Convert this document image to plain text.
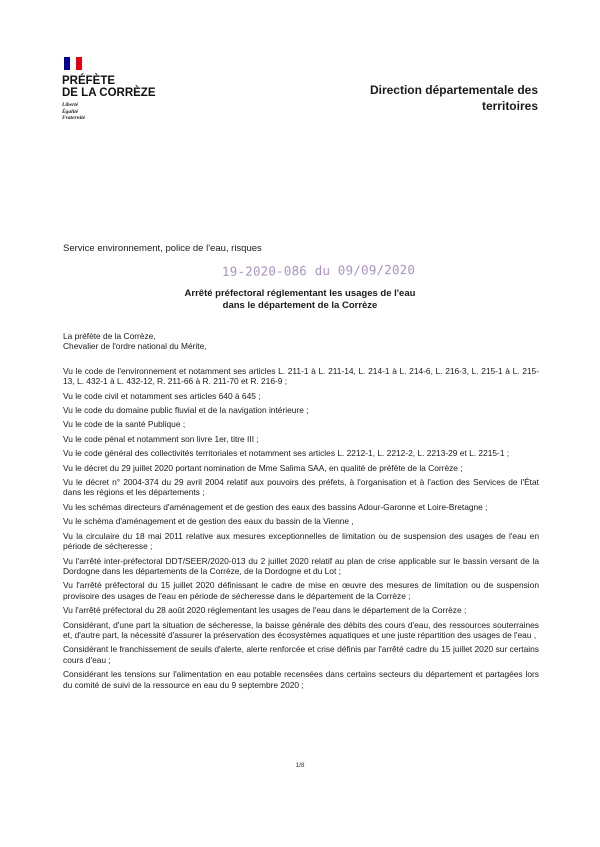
PRÉFÈTE
DE LA CORRÈZE
Liberté
Égalité
Fraternité
Direction départementale des
territoires
Service environnement, police de l'eau, risques
19-2020-086 du 09/09/2020
Arrêté préfectoral réglementant les usages de l'eau
dans le département de la Corrèze

La préfète de la Corrèze,

Chevalier de l'ordre national du Mérite,

Vu le code de l'environnement et notamment ses articles L. 211-1 à L. 211-14, L. 214-1 à L. 214-6, L. 216-3, L. 215-1 à L. 215-13, L. 432-1 à L. 432-12, R. 211-66 à R. 211-70 et R. 216-9 ;

Vu le code civil et notamment ses articles 640 à 645 ;

Vu le code du domaine public fluvial et de la navigation intérieure ;

Vu le code de la santé Publique ;

Vu le code pénal et notamment son livre 1er, titre III ;

Vu le code général des collectivités territoriales et notamment ses articles L. 2212-1, L. 2212-2, L. 2213-29 et L. 2215-1 ;

Vu le décret du 29 juillet 2020 portant nomination de Mme Salima SAA, en qualité de préfète de la Corrèze ;

Vu le décret n° 2004-374 du 29 avril 2004 relatif aux pouvoirs des préfets, à l'organisation et à l'action des Services de l'État dans les régions et les départements ;

Vu les schémas directeurs d'aménagement et de gestion des eaux des bassins Adour-Garonne et Loire-Bretagne ;

Vu le schéma d'aménagement et de gestion des eaux du bassin de la Vienne ,

Vu la circulaire du 18 mai 2011 relative aux mesures exceptionnelles de limitation ou de suspension des usages de l'eau en période de sécheresse ;

Vu l'arrêté inter-préfectoral DDT/SEER/2020-013 du 2 juillet 2020 relatif au plan de crise applicable sur le bassin versant de la Dordogne dans les départements de la Corrèze, de la Dordogne et du Lot ;

Vu l'arrêté préfectoral du 15 juillet 2020 définissant le cadre de mise en œuvre des mesures de limitation ou de suspension provisoire des usages de l'eau en période de sécheresse dans le département de la Corrèze ;

Vu l'arrêté préfectoral du 28 août 2020 réglementant les usages de l'eau dans le département de la Corrèze ;

Considérant, d'une part la situation de sécheresse, la baisse générale des débits des cours d'eau, des ressources souterraines et, d'autre part, la nécessité d'assurer la préservation des écosystèmes aquatiques et une juste répartition des usages de l'eau ,

Considérant le franchissement de seuils d'alerte, alerte renforcée et crise définis par l'arrêté cadre du 15 juillet 2020 sur certains cours d'eau ;

Considérant les tensions sur l'alimentation en eau potable recensées dans certains secteurs du département et partagées lors du comité de suivi de la ressource en eau du 9 septembre 2020 ;

1/8
